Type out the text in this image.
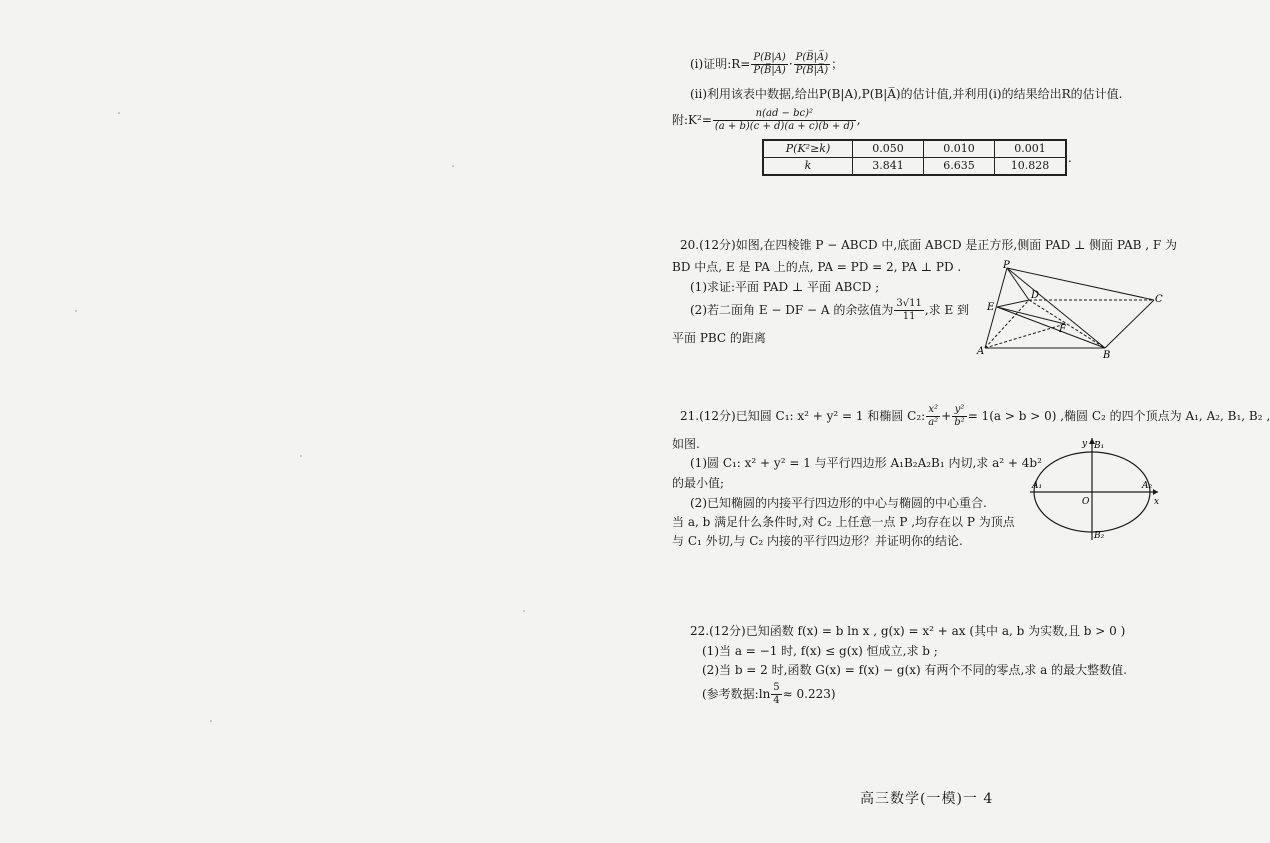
(ⅰ)证明:R= $\frac{P(B|A)}{P(B̅|A)} \cdot \frac{P(B̅|A̅)}{P(B|A̅)}$ ；
(ⅱ)利用该表中数据,给出P(B|A),P(B|A̅)的估计值,并利用(ⅰ)的结果给出R的估计值.
附:K²= $\frac{\text{n(ad − bc)²}}{(a + b)(c + d)(a + c)(b + d)}$ ,
P(K²≥k)	0.050	0.010	0.001
k	3.841	6.635	10.828
.
20.(12分)如图,在四棱锥 P − ABCD 中,底面 ABCD 是正方形,侧面 PAD ⊥ 侧面 PAB , F 为
BD 中点, E 是 PA 上的点, PA = PD = 2, PA ⊥ PD .
(1)求证:平面 PAD ⊥ 平面 ABCD ;
(2)若二面角 E − DF − A 的余弦值为 $\frac{3√11}{11}$ ,求 E 到
平面 PBC 的距离
P
D	C
E
F
A	B
21.(12分)已知圆 C₁: x² + y² = 1 和椭圆 C₂: $\frac{\text{x²}}{\text{a²}} + \frac{\text{y²}}{\text{b²}} = 1(a > b > 0)$ ,椭圆 C₂ 的四个顶点为 A₁, A₂, B₁, B₂ ,
如图.
(1)圆 C₁: x² + y² = 1 与平行四边形 A₁B₂A₂B₁ 内切,求 a² + 4b²
的最小值;
(2)已知椭圆的内接平行四边形的中心与椭圆的中心重合.
当 a, b 满足什么条件时,对 C₂ 上任意一点 P ,均存在以 P 为顶点
与 C₁ 外切,与 C₂ 内接的平行四边形？并证明你的结论.
y B₁
A₁	A₂
O	x
B₂
22.(12分)已知函数 f(x) = b ln x , g(x) = x² + ax (其中 a, b 为实数,且 b > 0 )
(1)当 a = −1 时, f(x) ≤ g(x) 恒成立,求 b ;
(2)当 b = 2 时,函数 G(x) = f(x) − g(x) 有两个不同的零点,求 a 的最大整数值.
(参考数据:ln $\frac{5}{4} \approx 0.223$)
高三数学(一模)一 4
